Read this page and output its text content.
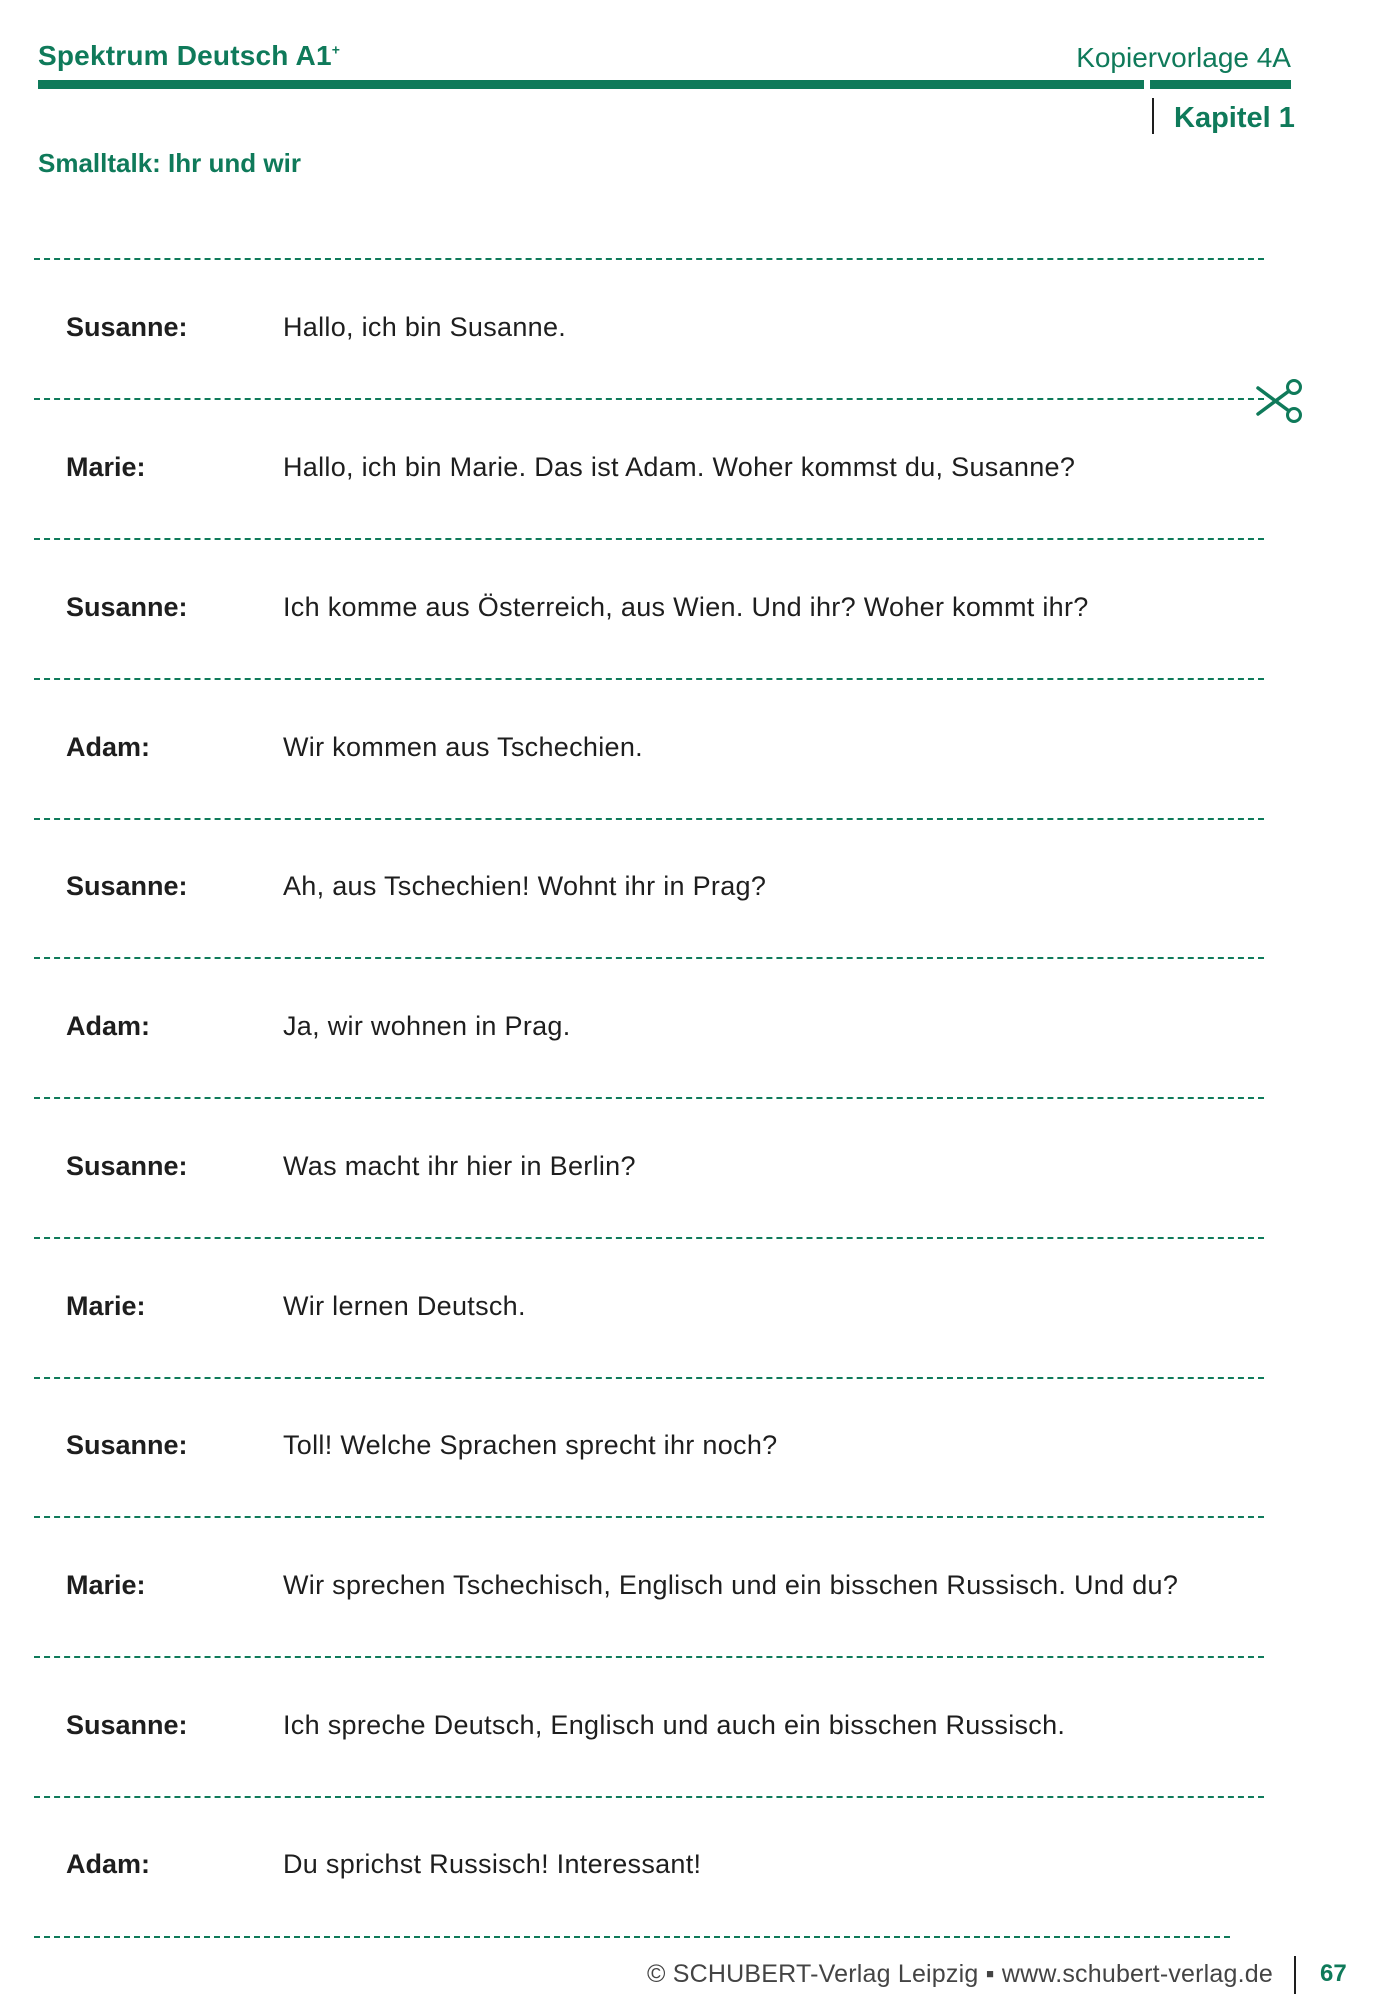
Spektrum Deutsch A1+	Kopiervorlage 4A
Kapitel 1
Smalltalk: Ihr und wir
Susanne:	Hallo, ich bin Susanne.
Marie:	Hallo, ich bin Marie. Das ist Adam. Woher kommst du, Susanne?
Susanne:	Ich komme aus Österreich, aus Wien. Und ihr? Woher kommt ihr?
Adam:	Wir kommen aus Tschechien.
Susanne:	Ah, aus Tschechien! Wohnt ihr in Prag?
Adam:	Ja, wir wohnen in Prag.
Susanne:	Was macht ihr hier in Berlin?
Marie:	Wir lernen Deutsch.
Susanne:	Toll! Welche Sprachen sprecht ihr noch?
Marie:	Wir sprechen Tschechisch, Englisch und ein bisschen Russisch. Und du?
Susanne:	Ich spreche Deutsch, Englisch und auch ein bisschen Russisch.
Adam:	Du sprichst Russisch! Interessant!
© SCHUBERT-Verlag Leipzig ▪ www.schubert-verlag.de 67
